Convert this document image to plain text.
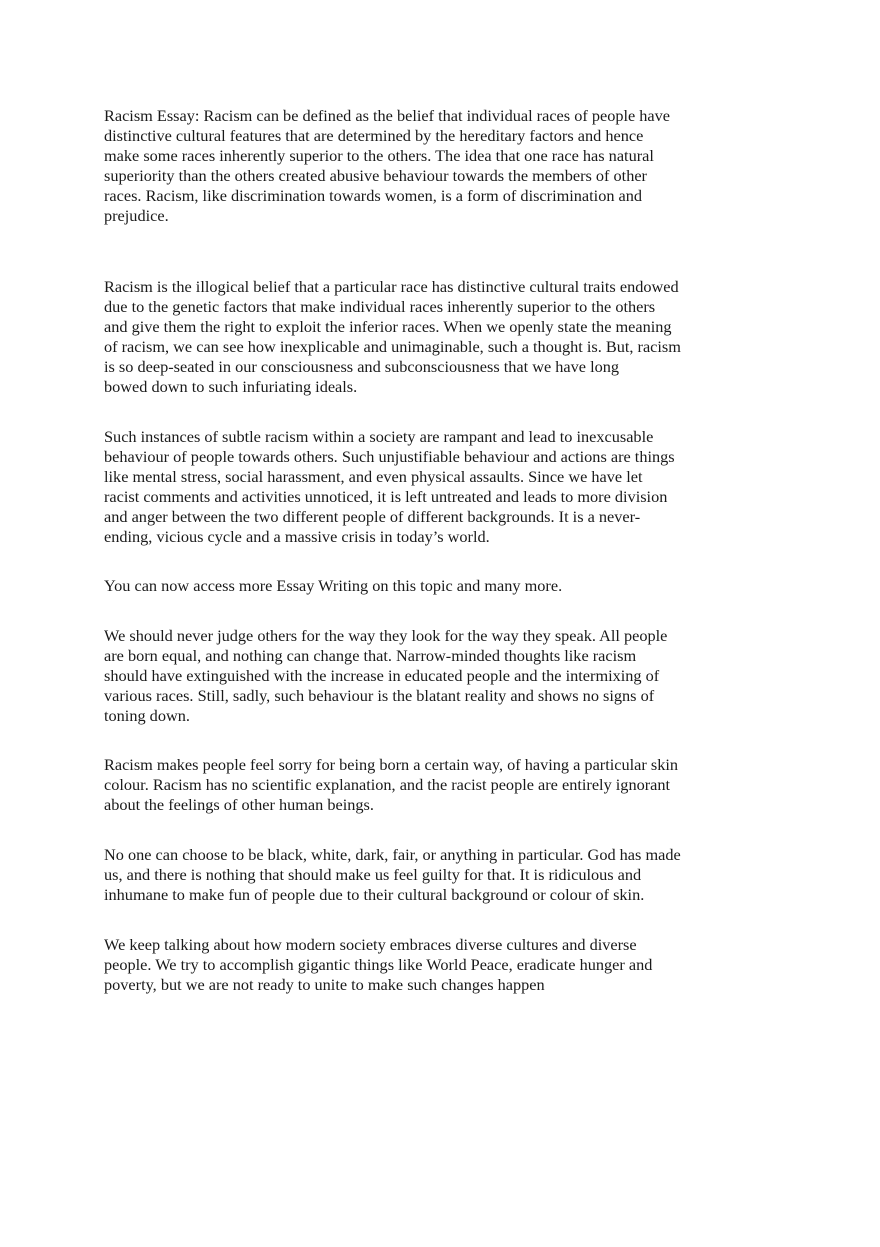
Racism Essay: Racism can be defined as the belief that individual races of people have
distinctive cultural features that are determined by the hereditary factors and hence
make some races inherently superior to the others. The idea that one race has natural
superiority than the others created abusive behaviour towards the members of other
races. Racism, like discrimination towards women, is a form of discrimination and
prejudice.

Racism is the illogical belief that a particular race has distinctive cultural traits endowed
due to the genetic factors that make individual races inherently superior to the others
and give them the right to exploit the inferior races. When we openly state the meaning
of racism, we can see how inexplicable and unimaginable, such a thought is. But, racism
is so deep-seated in our consciousness and subconsciousness that we have long
bowed down to such infuriating ideals.

Such instances of subtle racism within a society are rampant and lead to inexcusable
behaviour of people towards others. Such unjustifiable behaviour and actions are things
like mental stress, social harassment, and even physical assaults. Since we have let
racist comments and activities unnoticed, it is left untreated and leads to more division
and anger between the two different people of different backgrounds. It is a never-
ending, vicious cycle and a massive crisis in today’s world.

You can now access more Essay Writing on this topic and many more.

We should never judge others for the way they look for the way they speak. All people
are born equal, and nothing can change that. Narrow-minded thoughts like racism
should have extinguished with the increase in educated people and the intermixing of
various races. Still, sadly, such behaviour is the blatant reality and shows no signs of
toning down.

Racism makes people feel sorry for being born a certain way, of having a particular skin
colour. Racism has no scientific explanation, and the racist people are entirely ignorant
about the feelings of other human beings.

No one can choose to be black, white, dark, fair, or anything in particular. God has made
us, and there is nothing that should make us feel guilty for that. It is ridiculous and
inhumane to make fun of people due to their cultural background or colour of skin.

We keep talking about how modern society embraces diverse cultures and diverse
people. We try to accomplish gigantic things like World Peace, eradicate hunger and
poverty, but we are not ready to unite to make such changes happen
